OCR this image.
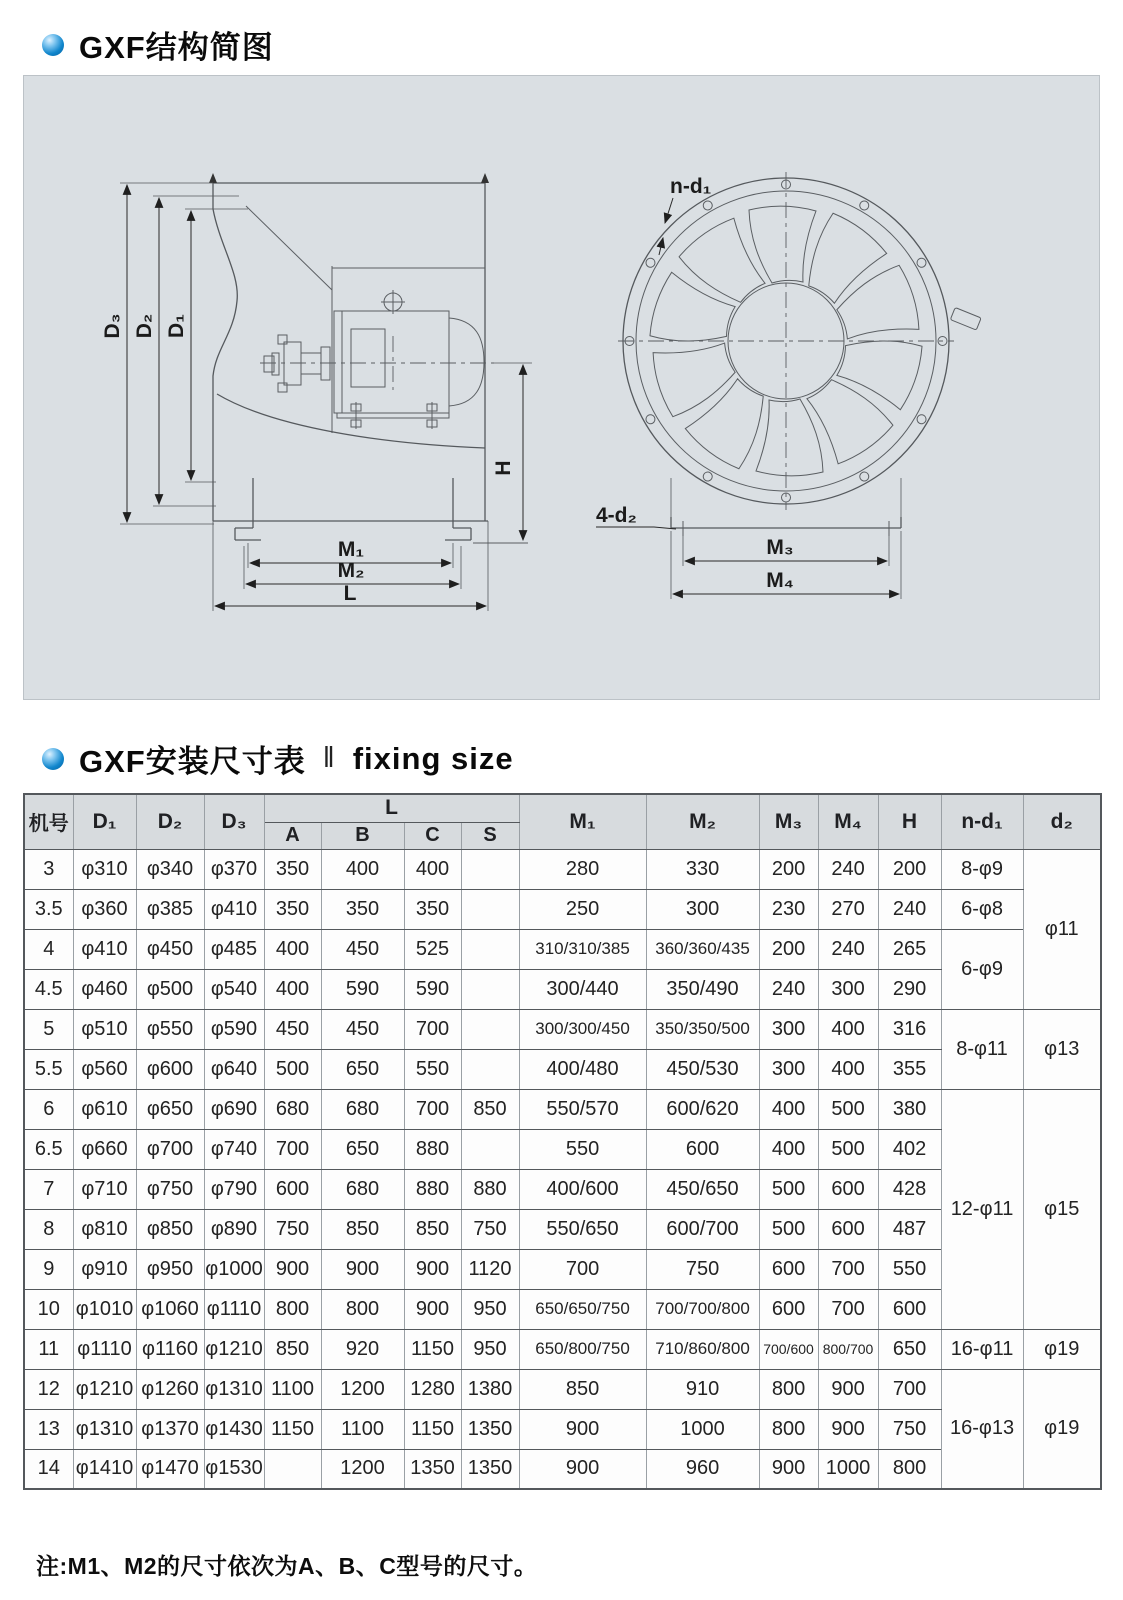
GXF结构简图
D₃ D₂ D₁
H
M₁
M₂
L
M₃
M₄
n-d₁
4-d₂
GXF安装尺寸表 ‖ fixing size
机号	D₁	D₂	D₃	L				M₁	M₂	M₃	M₄	H	n-d₁	d₂
				A	B	C	S							
3	φ310	φ340	φ370	350	400	400		280	330	200	240	200	8-φ9	φ11
3.5	φ360	φ385	φ410	350	350	350		250	300	230	270	240	6-φ8	
4	φ410	φ450	φ485	400	450	525		310/310/385	360/360/435	200	240	265	6-φ9	
4.5	φ460	φ500	φ540	400	590	590		300/440	350/490	240	300	290		
5	φ510	φ550	φ590	450	450	700		300/300/450	350/350/500	300	400	316	8-φ11	φ13
5.5	φ560	φ600	φ640	500	650	550		400/480	450/530	300	400	355		
6	φ610	φ650	φ690	680	680	700	850	550/570	600/620	400	500	380	12-φ11	φ15
6.5	φ660	φ700	φ740	700	650	880		550	600	400	500	402		
7	φ710	φ750	φ790	600	680	880	880	400/600	450/650	500	600	428		
8	φ810	φ850	φ890	750	850	850	750	550/650	600/700	500	600	487		
9	φ910	φ950	φ1000	900	900	900	1120	700	750	600	700	550		
10	φ1010	φ1060	φ1110	800	800	900	950	650/650/750	700/700/800	600	700	600		
11	φ1110	φ1160	φ1210	850	920	1150	950	650/800/750	710/860/800	700/600	800/700	650	16-φ11	φ19
12	φ1210	φ1260	φ1310	1100	1200	1280	1380	850	910	800	900	700	16-φ13	φ19
13	φ1310	φ1370	φ1430	1150	1100	1150	1350	900	1000	800	900	750		
14	φ1410	φ1470	φ1530		1200	1350	1350	900	960	900	1000	800		
注:M1、M2的尺寸依次为A、B、C型号的尺寸。
